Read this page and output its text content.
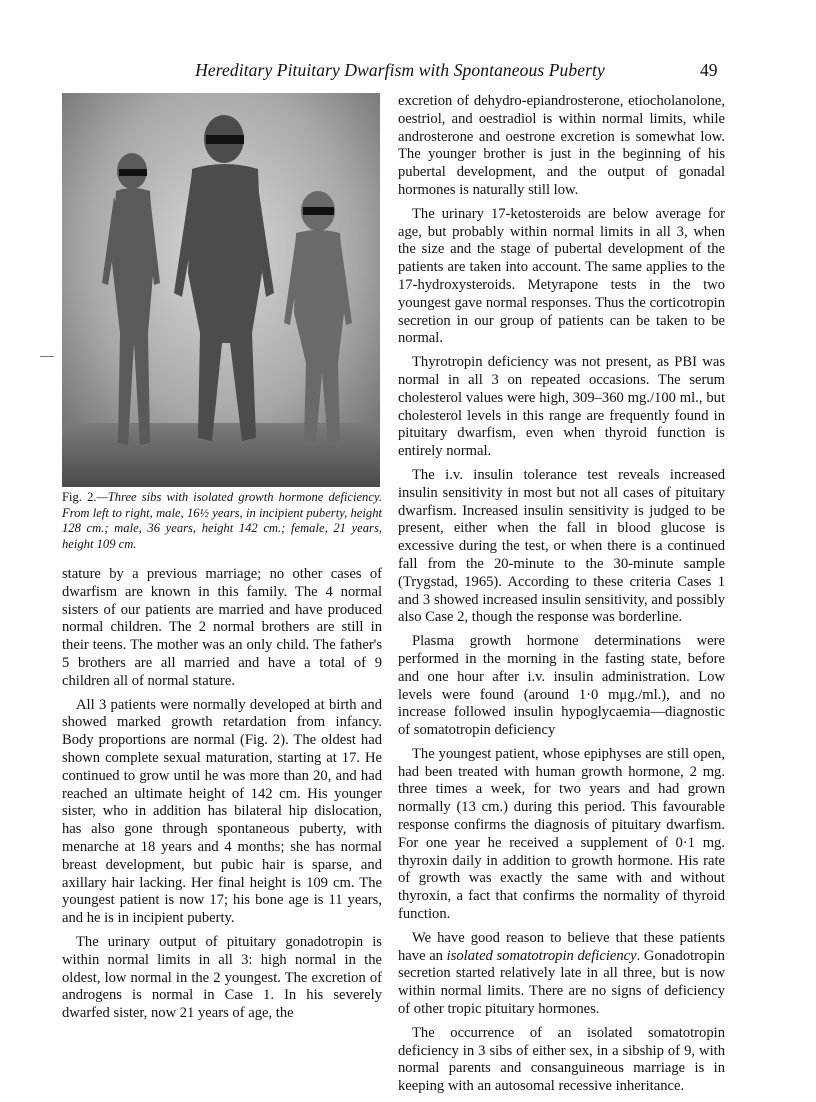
Hereditary Pituitary Dwarfism with Spontaneous Puberty	49
Fig. 2.—Three sibs with isolated growth hormone deficiency. From left to right, male, 16½ years, in incipient puberty, height 128 cm.; male, 36 years, height 142 cm.; female, 21 years, height 109 cm.

stature by a previous marriage; no other cases of dwarfism are known in this family. The 4 normal sisters of our patients are married and have produced normal children. The 2 normal brothers are still in their teens. The mother was an only child. The father's 5 brothers are all married and have a total of 9 children all of normal stature.

All 3 patients were normally developed at birth and showed marked growth retardation from infancy. Body proportions are normal (Fig. 2). The oldest had shown complete sexual maturation, starting at 17. He continued to grow until he was more than 20, and had reached an ultimate height of 142 cm. His younger sister, who in addition has bilateral hip dislocation, has also gone through spontaneous puberty, with menarche at 18 years and 4 months; she has normal breast development, but pubic hair is sparse, and axillary hair lacking. Her final height is 109 cm. The youngest patient is now 17; his bone age is 11 years, and he is in incipient puberty.

The urinary output of pituitary gonadotropin is within normal limits in all 3: high normal in the oldest, low normal in the 2 youngest. The excretion of androgens is normal in Case 1. In his severely dwarfed sister, now 21 years of age, the

excretion of dehydro-epiandrosterone, etiocholanolone, oestriol, and oestradiol is within normal limits, while androsterone and oestrone excretion is somewhat low. The younger brother is just in the beginning of his pubertal development, and the output of gonadal hormones is naturally still low.

The urinary 17-ketosteroids are below average for age, but probably within normal limits in all 3, when the size and the stage of pubertal development of the patients are taken into account. The same applies to the 17-hydroxysteroids. Metyrapone tests in the two youngest gave normal responses. Thus the corticotropin secretion in our group of patients can be taken to be normal.

Thyrotropin deficiency was not present, as PBI was normal in all 3 on repeated occasions. The serum cholesterol values were high, 309–360 mg./100 ml., but cholesterol levels in this range are frequently found in pituitary dwarfism, even when thyroid function is entirely normal.

The i.v. insulin tolerance test reveals increased insulin sensitivity in most but not all cases of pituitary dwarfism. Increased insulin sensitivity is judged to be present, either when the fall in blood glucose is excessive during the test, or when there is a continued fall from the 20-minute to the 30-minute sample (Trygstad, 1965). According to these criteria Cases 1 and 3 showed increased insulin sensitivity, and possibly also Case 2, though the response was borderline.

Plasma growth hormone determinations were performed in the morning in the fasting state, before and one hour after i.v. insulin administration. Low levels were found (around 1·0 mμg./ml.), and no increase followed insulin hypoglycaemia—diagnostic of somatotropin deficiency

The youngest patient, whose epiphyses are still open, had been treated with human growth hormone, 2 mg. three times a week, for two years and had grown normally (13 cm.) during this period. This favourable response confirms the diagnosis of pituitary dwarfism. For one year he received a supplement of 0·1 mg. thyroxin daily in addition to growth hormone. His rate of growth was exactly the same with and without thyroxin, a fact that confirms the normality of thyroid function.

We have good reason to believe that these patients have an isolated somatotropin deficiency. Gonadotropin secretion started relatively late in all three, but is now within normal limits. There are no signs of deficiency of other tropic pituitary hormones.

The occurrence of an isolated somatotropin deficiency in 3 sibs of either sex, in a sibship of 9, with normal parents and consanguineous marriage is in keeping with an autosomal recessive inheritance.
